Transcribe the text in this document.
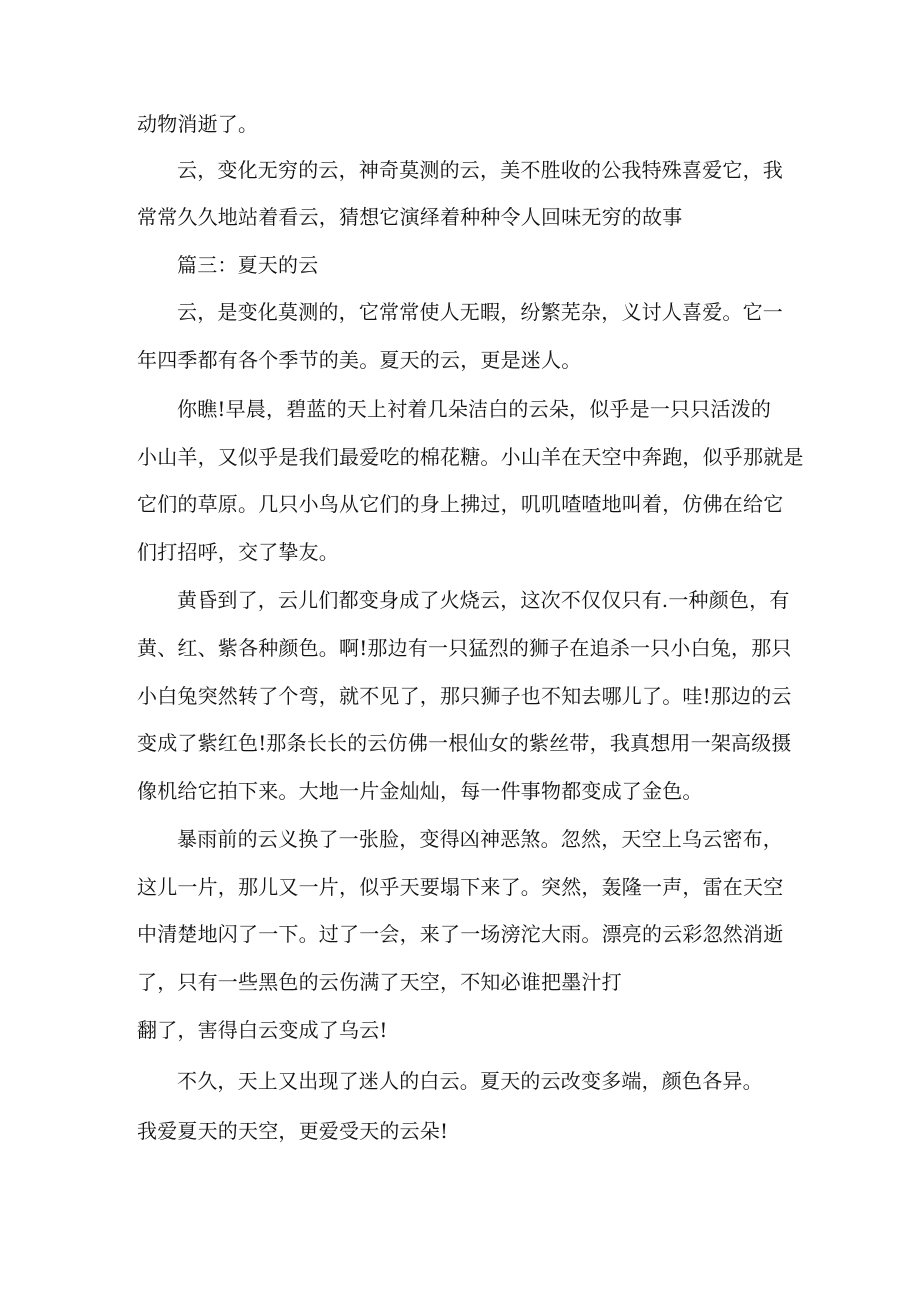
动物消逝了。
云，变化无穷的云，神奇莫测的云，美不胜收的公我特殊喜爱它，我
常常久久地站着看云，猜想它演绎着种种令人回味无穷的故事
篇三：夏天的云
云，是变化莫测的，它常常使人无暇，纷繁芜杂，义讨人喜爱。它一
年四季都有各个季节的美。夏天的云，更是迷人。
你瞧!早晨，碧蓝的天上衬着几朵洁白的云朵，似乎是一只只活泼的
小山羊，又似乎是我们最爱吃的棉花糖。小山羊在天空中奔跑，似乎那就是
它们的草原。几只小鸟从它们的身上拂过，叽叽喳喳地叫着，仿佛在给它
们打招呼，交了挚友。
黄昏到了，云儿们都变身成了火烧云，这次不仅仅只有.一种颜色，有
黄、红、紫各种颜色。啊!那边有一只猛烈的狮子在追杀一只小白兔，那只
小白兔突然转了个弯，就不见了，那只狮子也不知去哪儿了。哇!那边的云
变成了紫红色!那条长长的云仿佛一根仙女的紫丝带，我真想用一架高级摄
像机给它拍下来。大地一片金灿灿，每一件事物都变成了金色。
暴雨前的云义换了一张脸，变得凶神恶煞。忽然，天空上乌云密布，
这儿一片，那儿又一片，似乎天要塌下来了。突然，轰隆一声，雷在天空
中清楚地闪了一下。过了一会，来了一场滂沱大雨。漂亮的云彩忽然消逝
了，只有一些黑色的云伤满了天空，不知必谁把墨汁打
翻了，害得白云变成了乌云!
不久，天上又出现了迷人的白云。夏天的云改变多端，颜色各异。
我爱夏天的天空，更爱受天的云朵!
